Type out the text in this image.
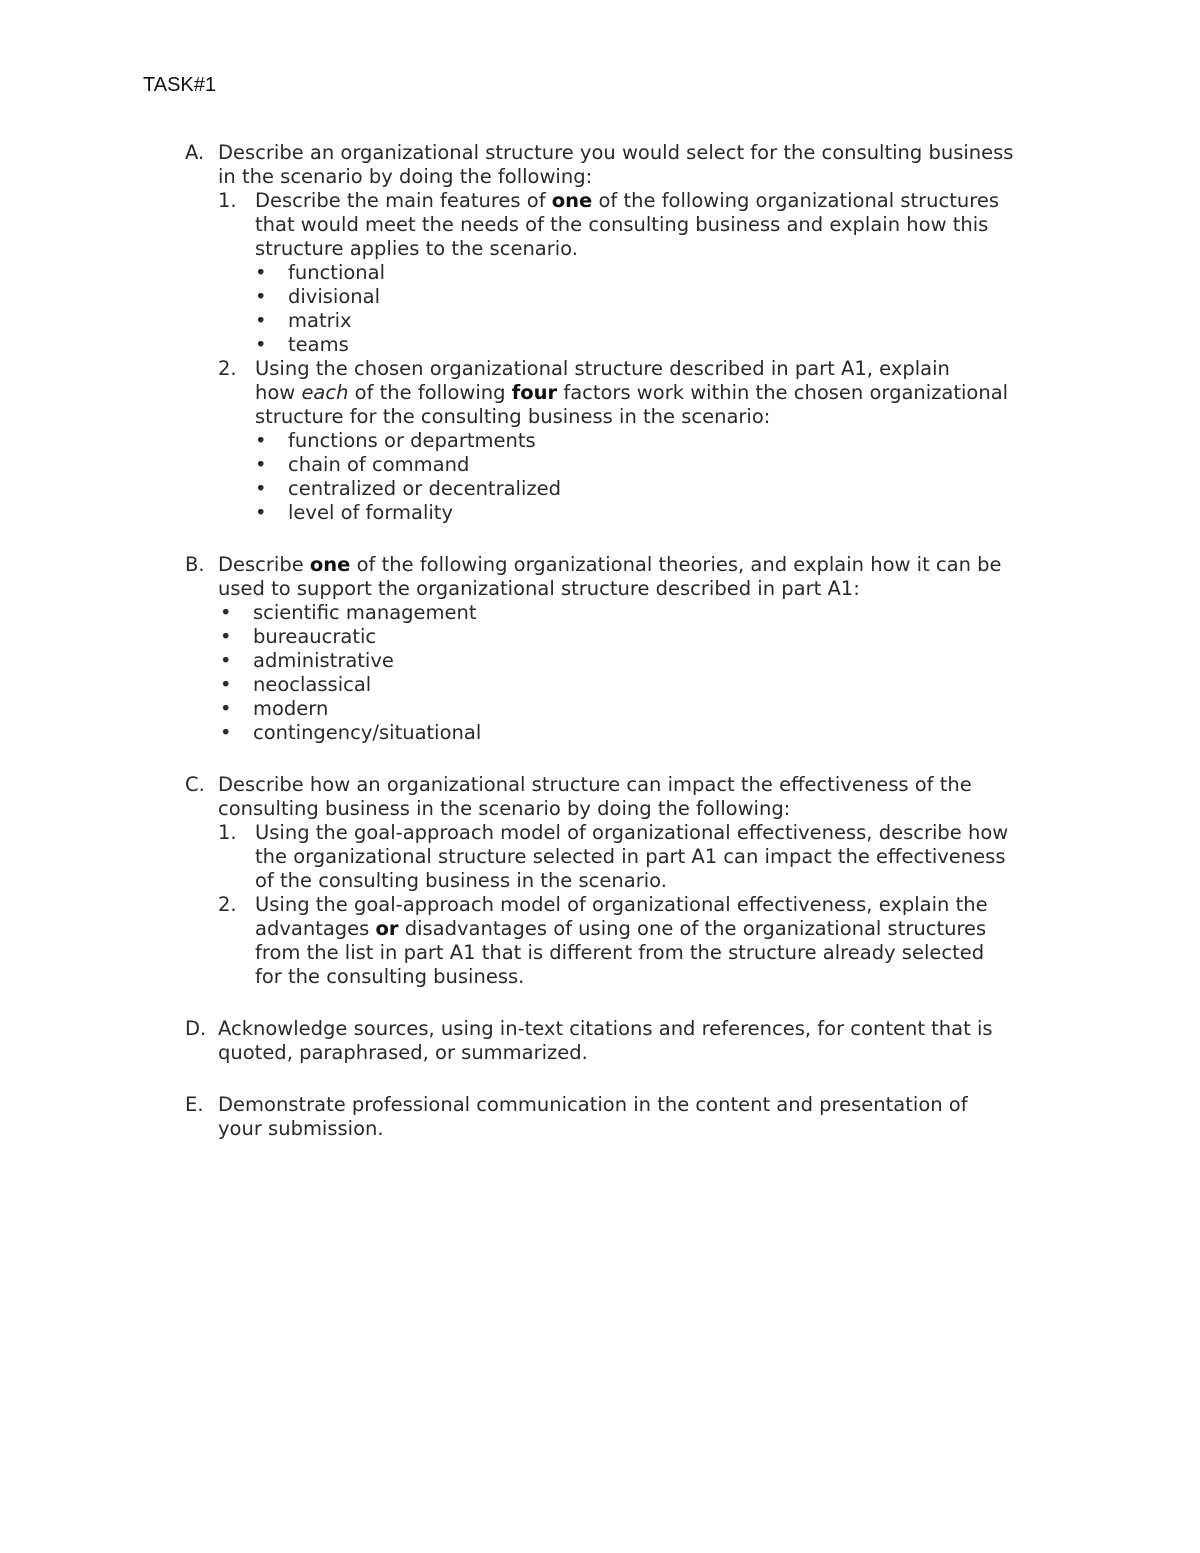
TASK#1

A. Describe an organizational structure you would select for the consulting business

in the scenario by doing the following:

1. Describe the main features of one of the following organizational structures

that would meet the needs of the consulting business and explain how this

structure applies to the scenario.

• functional

• divisional

• matrix

• teams

2. Using the chosen organizational structure described in part A1, explain

how each of the following four factors work within the chosen organizational

structure for the consulting business in the scenario:

• functions or departments

• chain of command

• centralized or decentralized

• level of formality

B. Describe one of the following organizational theories, and explain how it can be

used to support the organizational structure described in part A1:

• scientific management

• bureaucratic

• administrative

• neoclassical

• modern

• contingency/situational

C. Describe how an organizational structure can impact the effectiveness of the

consulting business in the scenario by doing the following:

1. Using the goal-approach model of organizational effectiveness, describe how

the organizational structure selected in part A1 can impact the effectiveness

of the consulting business in the scenario.

2. Using the goal-approach model of organizational effectiveness, explain the

advantages or disadvantages of using one of the organizational structures

from the list in part A1 that is different from the structure already selected

for the consulting business.

D. Acknowledge sources, using in-text citations and references, for content that is

quoted, paraphrased, or summarized.

E. Demonstrate professional communication in the content and presentation of

your submission.
